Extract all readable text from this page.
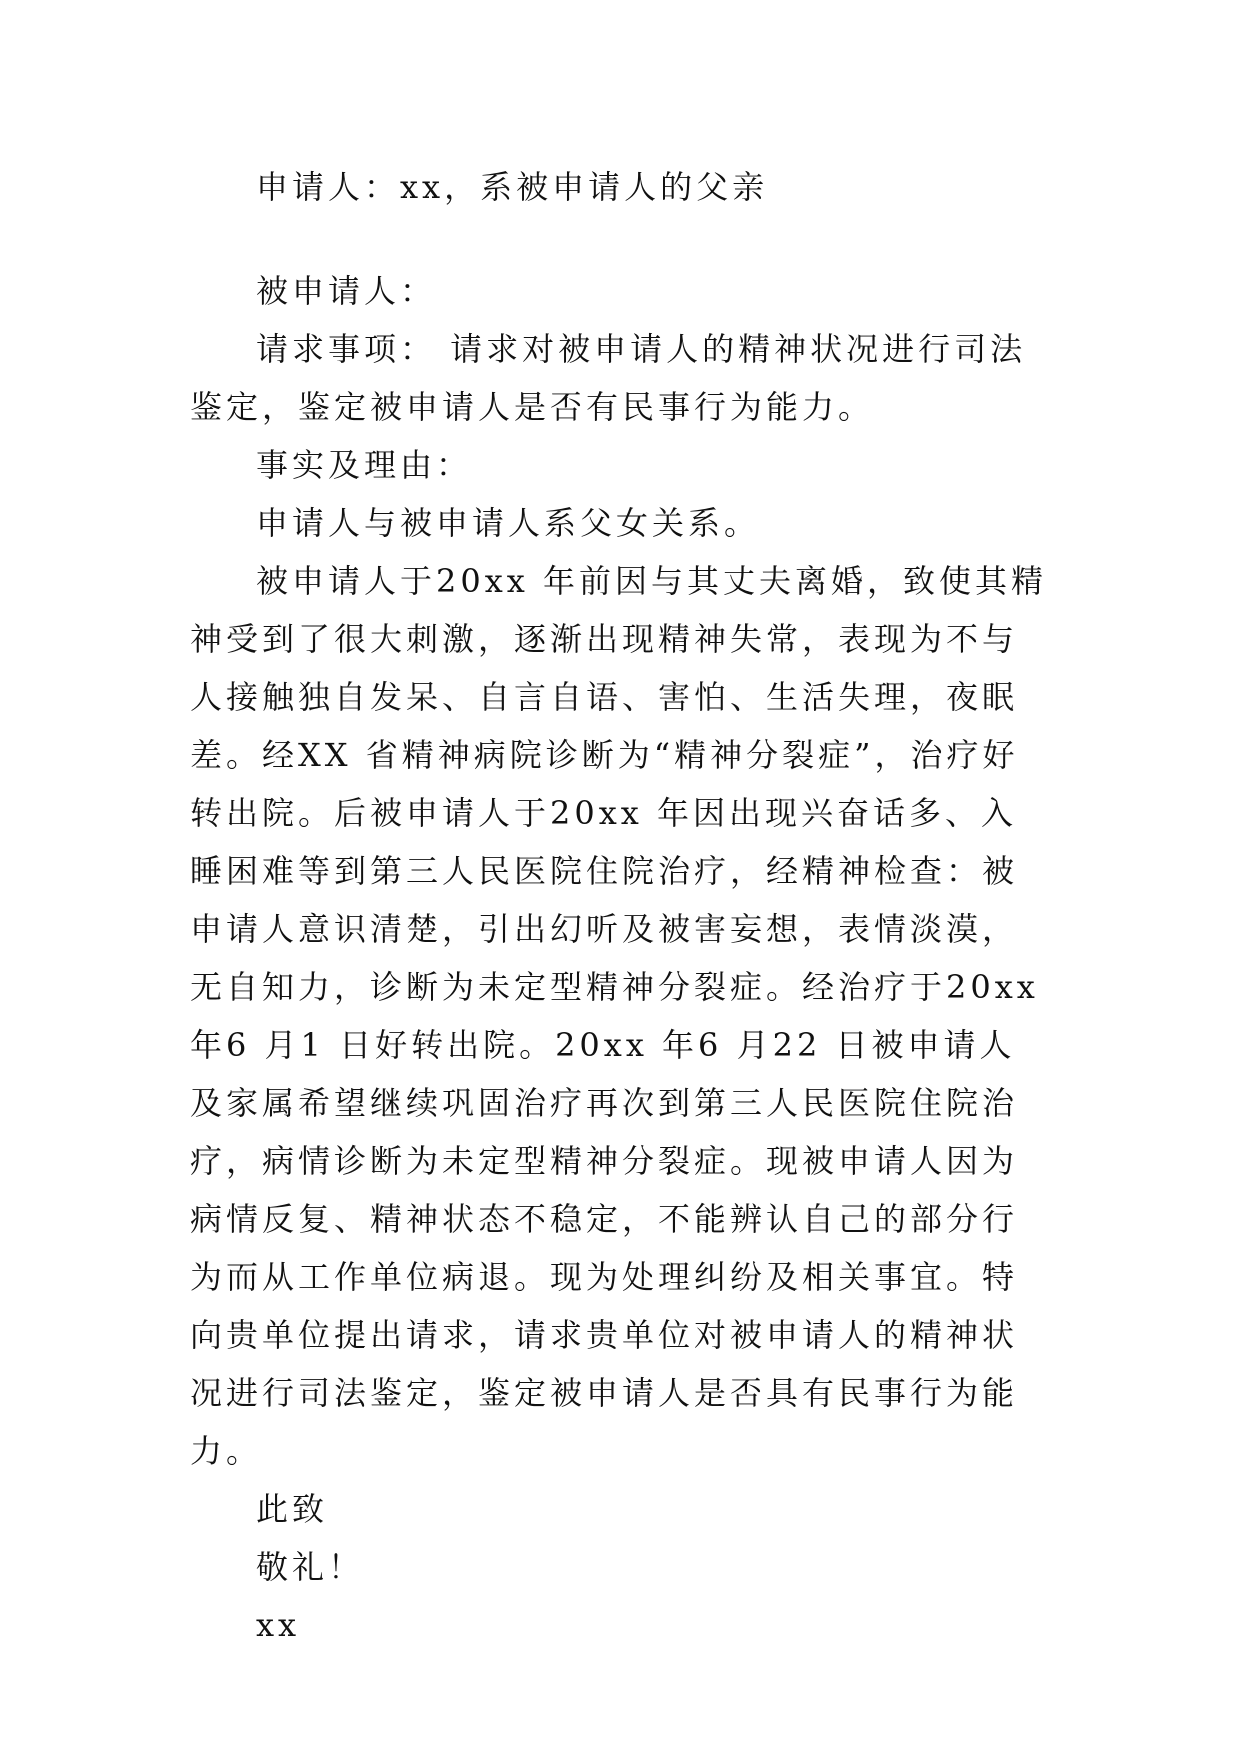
申请人：xx，系被申请人的父亲
被申请人：
请求事项： 请求对被申请人的精神状况进行司法鉴定，鉴定被申请人是否有民事行为能力。
事实及理由：
申请人与被申请人系父女关系。
被申请人于20xx 年前因与其丈夫离婚，致使其精神受到了很大刺激，逐渐出现精神失常，表现为不与人接触独自发呆、自言自语、害怕、生活失理，夜眠差。经XX 省精神病院诊断为“精神分裂症”，治疗好转出院。后被申请人于20xx 年因出现兴奋话多、入睡困难等到第三人民医院住院治疗，经精神检查：被申请人意识清楚，引出幻听及被害妄想，表情淡漠，无自知力，诊断为未定型精神分裂症。经治疗于20xx 年6 月1 日好转出院。20xx 年6 月22 日被申请人及家属希望继续巩固治疗再次到第三人民医院住院治疗，病情诊断为未定型精神分裂症。现被申请人因为病情反复、精神状态不稳定，不能辨认自己的部分行为而从工作单位病退。现为处理纠纷及相关事宜。特向贵单位提出请求，请求贵单位对被申请人的精神状况进行司法鉴定，鉴定被申请人是否具有民事行为能力。
此致
敬礼！
xx
